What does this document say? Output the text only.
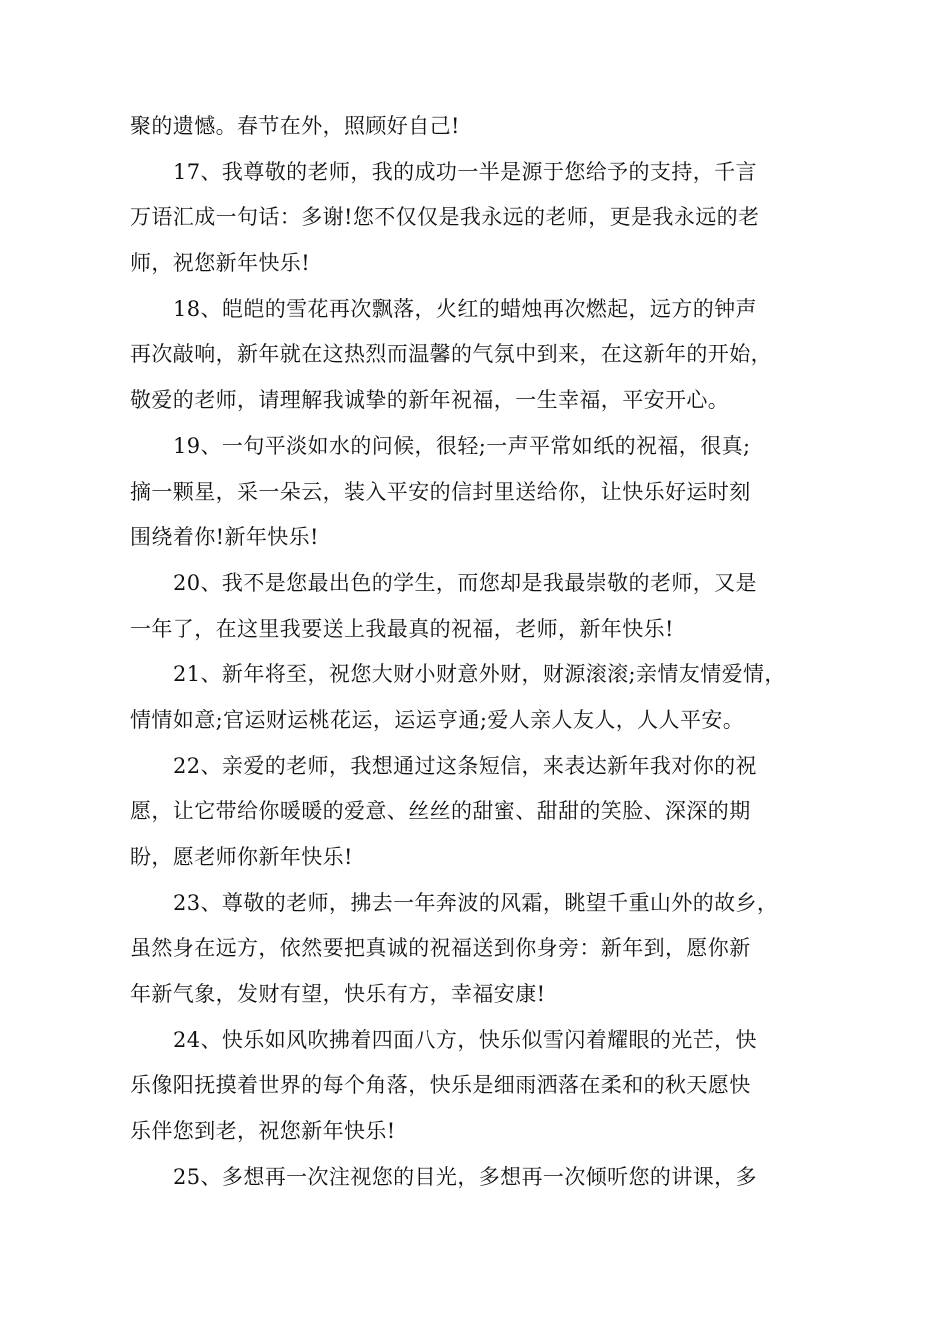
聚的遗憾。春节在外，照顾好自己!

17、我尊敬的老师，我的成功一半是源于您给予的支持，千言
万语汇成一句话：多谢!您不仅仅是我永远的老师，更是我永远的老
师，祝您新年快乐!

18、皑皑的雪花再次飘落，火红的蜡烛再次燃起，远方的钟声
再次敲响，新年就在这热烈而温馨的气氛中到来，在这新年的开始，
敬爱的老师，请理解我诚挚的新年祝福，一生幸福，平安开心。

19、一句平淡如水的问候，很轻;一声平常如纸的祝福，很真;
摘一颗星，采一朵云，装入平安的信封里送给你，让快乐好运时刻
围绕着你!新年快乐!

20、我不是您最出色的学生，而您却是我最崇敬的老师，又是
一年了，在这里我要送上我最真的祝福，老师，新年快乐!

21、新年将至，祝您大财小财意外财，财源滚滚;亲情友情爱情，
情情如意;官运财运桃花运，运运亨通;爱人亲人友人，人人平安。

22、亲爱的老师，我想通过这条短信，来表达新年我对你的祝
愿，让它带给你暖暖的爱意、丝丝的甜蜜、甜甜的笑脸、深深的期
盼，愿老师你新年快乐!

23、尊敬的老师，拂去一年奔波的风霜，眺望千重山外的故乡，
虽然身在远方，依然要把真诚的祝福送到你身旁：新年到，愿你新
年新气象，发财有望，快乐有方，幸福安康!

24、快乐如风吹拂着四面八方，快乐似雪闪着耀眼的光芒，快
乐像阳抚摸着世界的每个角落，快乐是细雨洒落在柔和的秋天愿快
乐伴您到老，祝您新年快乐!

25、多想再一次注视您的目光，多想再一次倾听您的讲课，多
